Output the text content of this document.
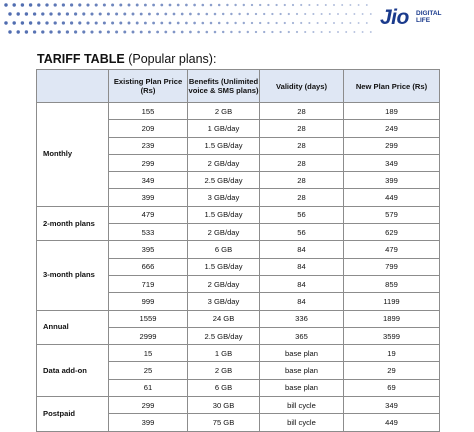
Jio DIGITAL
LIFE
TARIFF TABLE (Popular plans):
	Existing Plan Price (Rs)	Benefits (Unlimited voice & SMS plans)	Validity (days)	New Plan Price (Rs)
Monthly	155	2 GB	28	189
	209	1 GB/day	28	249
	239	1.5 GB/day	28	299
	299	2 GB/day	28	349
	349	2.5 GB/day	28	399
	399	3 GB/day	28	449
2-month plans	479	1.5 GB/day	56	579
	533	2 GB/day	56	629
3-month plans	395	6 GB	84	479
	666	1.5 GB/day	84	799
	719	2 GB/day	84	859
	999	3 GB/day	84	1199
Annual	1559	24 GB	336	1899
	2999	2.5 GB/day	365	3599
Data add-on	15	1 GB	base plan	19
	25	2 GB	base plan	29
	61	6 GB	base plan	69
Postpaid	299	30 GB	bill cycle	349
	399	75 GB	bill cycle	449
